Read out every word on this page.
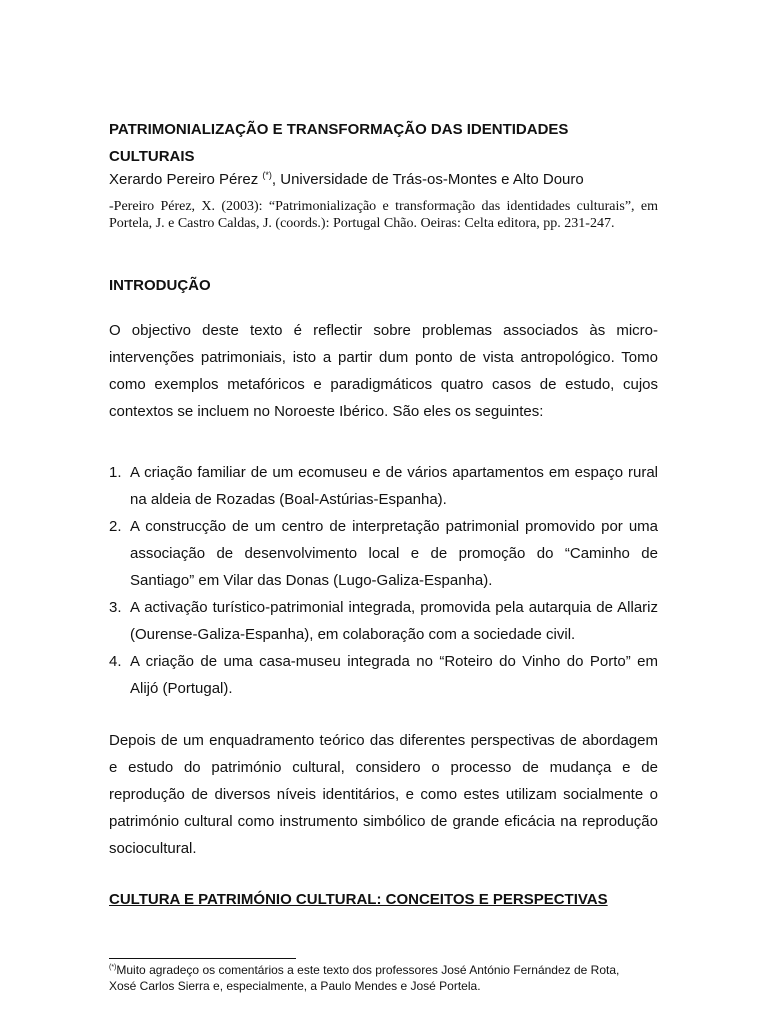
PATRIMONIALIZAÇÃO E TRANSFORMAÇÃO DAS IDENTIDADES CULTURAIS

Xerardo Pereiro Pérez (*), Universidade de Trás-os-Montes e Alto Douro

-Pereiro Pérez, X. (2003): “Patrimonialização e transformação das identidades culturais”, em Portela, J. e Castro Caldas, J. (coords.): Portugal Chão. Oeiras: Celta editora, pp. 231-247.

INTRODUÇÃO

O objectivo deste texto é reflectir sobre problemas associados às micro-intervenções patrimoniais, isto a partir dum ponto de vista antropológico. Tomo como exemplos metafóricos e paradigmáticos quatro casos de estudo, cujos contextos se incluem no Noroeste Ibérico. São eles os seguintes:

1. A criação familiar de um ecomuseu e de vários apartamentos em espaço rural na aldeia de Rozadas (Boal-Astúrias-Espanha).
2. A construcção de um centro de interpretação patrimonial promovido por uma associação de desenvolvimento local e de promoção do “Caminho de Santiago” em Vilar das Donas (Lugo-Galiza-Espanha).
3. A activação turístico-patrimonial integrada, promovida pela autarquia de Allariz (Ourense-Galiza-Espanha), em colaboração com a sociedade civil.
4. A criação de uma casa-museu integrada no “Roteiro do Vinho do Porto” em Alijó (Portugal).

Depois de um enquadramento teórico das diferentes perspectivas de abordagem e estudo do património cultural, considero o processo de mudança e de reprodução de diversos níveis identitários, e como estes utilizam socialmente o património cultural como instrumento simbólico de grande eficácia na reprodução sociocultural.

CULTURA E PATRIMÓNIO CULTURAL: CONCEITOS E PERSPECTIVAS

(*)Muito agradeço os comentários a este texto dos professores José António Fernández de Rota, Xosé Carlos Sierra e, especialmente, a Paulo Mendes e José Portela.
